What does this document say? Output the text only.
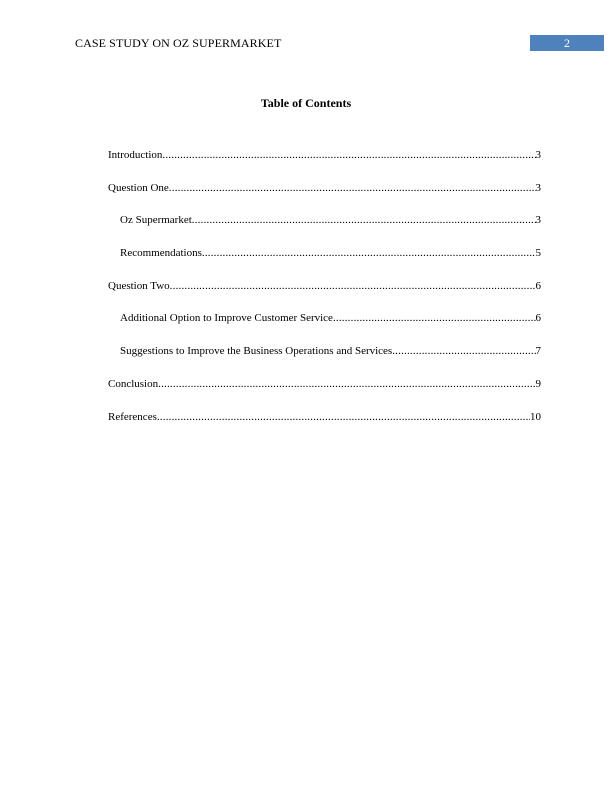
CASE STUDY ON OZ SUPERMARKET	2
Table of Contents
Introduction .....	3
Question One .....	3
Oz Supermarket .....	3
Recommendations .....	5
Question Two .....	6
Additional Option to Improve Customer Service .....	6
Suggestions to Improve the Business Operations and Services .....	7
Conclusion .....	9
References .....	10
